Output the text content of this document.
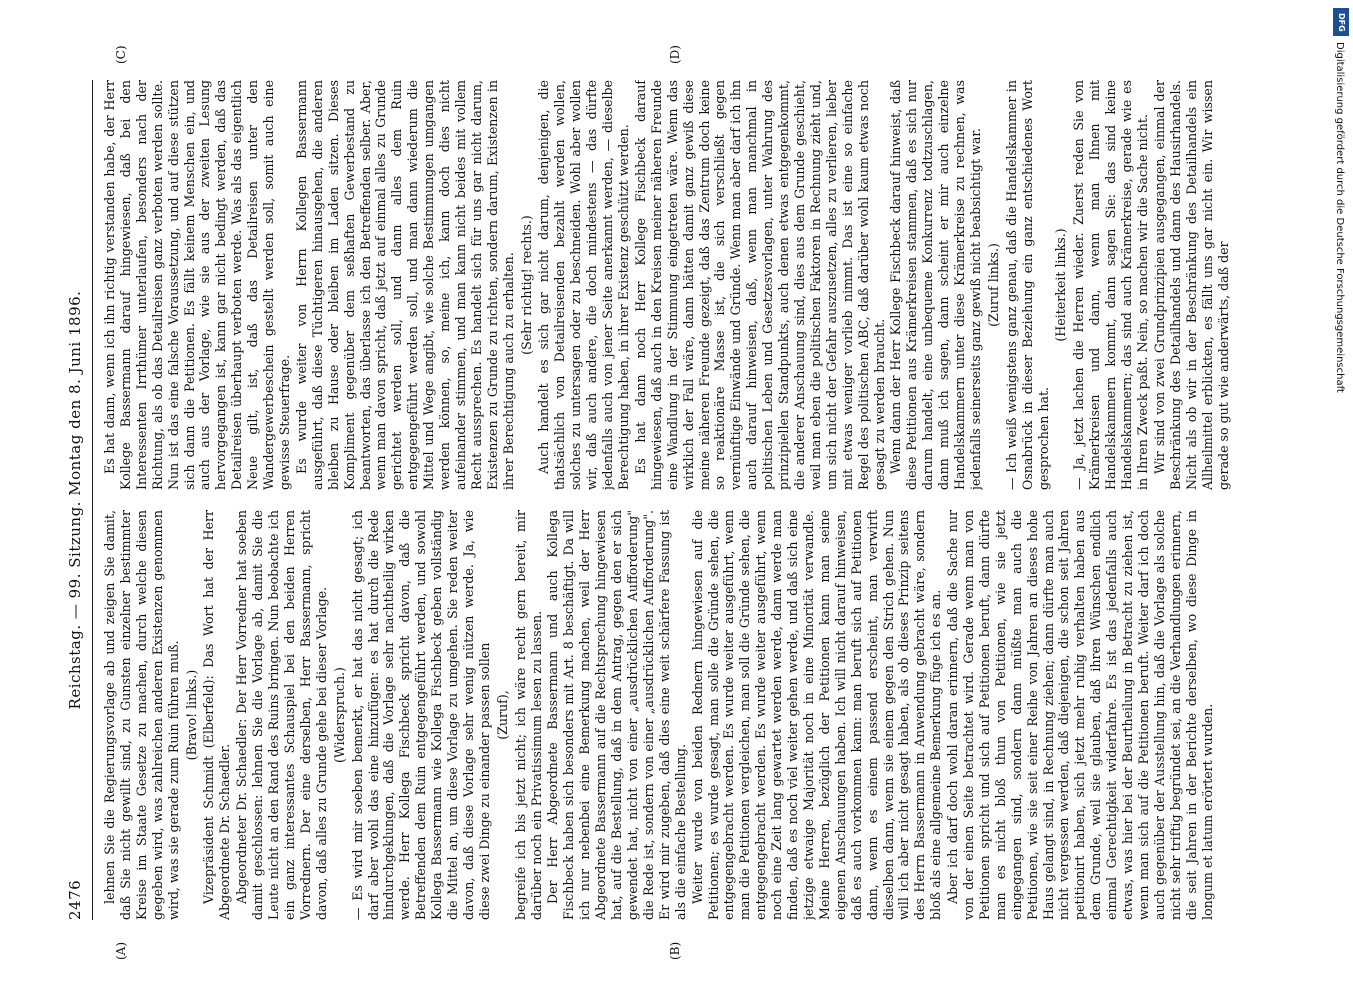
2476
Reichstag. — 99. Sitzung. Montag den 8. Juni 1896.
(A)	(B)
(C)	(D)

lehnen Sie die Regierungsvorlage ab und zeigen Sie damit, daß Sie nicht gewillt sind, zu Gunsten einzelner bestimmter Kreise im Staate Gesetze zu machen, durch welche diesen gegeben wird, was zahlreichen anderen Existenzen genommen wird, was sie gerade zum Ruin führen muß. (Bravo! links.) Vizepräsident Schmidt (Elberfeld): Das Wort hat der Herr Abgeordnete Dr. Schaedler. Abgeordneter Dr. Schaedler: Der Herr Vorredner hat soeben damit geschlossen: lehnen Sie die Vorlage ab, damit Sie die Leute nicht an den Rand des Ruins bringen. Nun beobachte ich ein ganz interessantes Schauspiel bei den beiden Herren Vorrednern. Der eine derselben, Herr Bassermann, spricht davon, daß alles zu Grunde gehe bei dieser Vorlage. (Widerspruch.) — Es wird mir soeben bemerkt, er hat das nicht gesagt; ich darf aber wohl das eine hinzufügen: es hat durch die Rede hindurchgeklungen, daß die Vorlage sehr nachtheilig wirken werde. Herr Kollega Fischbeck spricht davon, daß die Betreffenden dem Ruin entgegengeführt werden, und sowohl Kollega Bassermann wie Kollega Fischbeck geben vollständig die Mittel an, um diese Vorlage zu umgehen. Sie reden weiter davon, daß diese Vorlage sehr wenig nützen werde. Ja, wie diese zwei Dinge zu einander passen sollen (Zuruf), begreife ich bis jetzt nicht; ich wäre recht gern bereit, mir darüber noch ein Privatissimum lesen zu lassen. Der Herr Abgeordnete Bassermann und auch Kollega Fischbeck haben sich besonders mit Art. 8 beschäftigt. Da will ich nur nebenbei eine Bemerkung machen, weil der Herr Abgeordnete Bassermann auf die Rechtsprechung hingewiesen hat, auf die Bestellung, daß in dem Antrag, gegen den er sich gewendet hat, nicht von einer „ausdrücklichen Aufforderung" die Rede ist, sondern von einer „ausdrücklichen Aufforderung". Er wird mir zugeben, daß dies eine weit schärfere Fassung ist als die einfache Bestellung. Weiter wurde von beiden Rednern hingewiesen auf die Petitionen; es wurde gesagt, man solle die Gründe sehen, die entgegengebracht werden. Es wurde weiter ausgeführt, wenn man die Petitionen vergleichen, man soll die Gründe sehen, die entgegengebracht werden. Es wurde weiter ausgeführt, wenn noch eine Zeit lang gewartet werden werde, dann werde man finden, daß es noch viel weiter gehen werde, und daß sich eine jetzige etwaige Majorität noch in eine Minorität verwandle. Meine Herren, bezüglich der Petitionen kann man seine eigenen Anschauungen haben. Ich will nicht darauf hinweisen, daß es auch vorkommen kann: man beruft sich auf Petitionen dann, wenn es einem passend erscheint, man verwirft dieselben dann, wenn sie einem gegen den Strich gehen. Nun will ich aber nicht gesagt haben, als ob dieses Prinzip seitens des Herrn Bassermann in Anwendung gebracht wäre, sondern bloß als eine allgemeine Bemerkung füge ich es an. Aber ich darf doch wohl daran erinnern, daß die Sache nur von der einen Seite betrachtet wird. Gerade wenn man von Petitionen spricht und sich auf Petitionen beruft, dann dürfte man es nicht bloß thun von Petitionen, wie sie jetzt eingegangen sind, sondern dann müßte man auch die Petitionen, wie sie seit einer Reihe von Jahren an dieses hohe Haus gelangt sind, in Rechnung ziehen; dann dürfte man auch nicht vergessen werden, daß diejenigen, die schon seit Jahren petitionirt haben, sich jetzt mehr ruhig verhalten haben aus dem Grunde, weil sie glauben, daß ihren Wünschen endlich einmal Gerechtigkeit widerfahre. Es ist das jedenfalls auch etwas, was hier bei der Beurtheilung in Betracht zu ziehen ist, wenn man sich auf die Petitionen beruft. Weiter darf ich doch auch gegenüber der Ausstellung hin, daß die Vorlage als solche nicht sehr triftig begründet sei, an die Verhandlungen erinnern, die seit Jahren in der Berichte derselben, wo diese Dinge in longum et latum erörtert wurden.

Es hat dann, wenn ich ihn richtig verstanden habe, der Herr Kollege Bassermann darauf hingewiesen, daß bei den Interessenten Irrthümer unterlaufen, besonders nach der Richtung, als ob das Detailreisen ganz verboten werden sollte. Nun ist das eine falsche Voraussetzung, und auf diese stützen sich dann die Petitionen. Es fällt keinem Menschen ein, und auch aus der Vorlage, wie sie aus der zweiten Lesung hervorgegangen ist, kann gar nicht bedingt werden, daß das Detailreisen überhaupt verboten werde. Was als das eigentlich Neue gilt, ist, daß das Detailreisen unter den Wandergewerbeschein gestellt werden soll, somit auch eine gewisse Steuerfrage. Es wurde weiter von Herrn Kollegen Bassermann ausgeführt, daß diese Tüchtigeren hinausgehen, die anderen bleiben zu Hause oder bleiben im Laden sitzen. Dieses Kompliment gegenüber dem seßhaften Gewerbestand zu beantworten, das überlasse ich den Betreffenden selber. Aber, wenn man davon spricht, daß jetzt auf einmal alles zu Grunde gerichtet werden soll, und dann alles dem Ruin entgegengeführt werden soll, und man dann wiederum die Mittel und Wege angibt, wie solche Bestimmungen umgangen werden können, so, meine ich, kann doch dies nicht aufeinander stimmen, und man kann nicht beides mit vollem Recht aussprechen. Es handelt sich für uns gar nicht darum, Existenzen zu Grunde zu richten, sondern darum, Existenzen in ihrer Berechtigung auch zu erhalten. (Sehr richtig! rechts.) Auch handelt es sich gar nicht darum, denjenigen, die thatsächlich von Detailreisenden bezahlt werden wollen, solches zu untersagen oder zu beschneiden. Wohl aber wollen wir, daß auch andere, die doch mindestens — das dürfte jedenfalls auch von jener Seite anerkannt werden, — dieselbe Berechtigung haben, in ihrer Existenz geschützt werden. Es hat dann noch Herr Kollege Fischbeck darauf hingewiesen, daß auch in den Kreisen meiner näheren Freunde eine Wandlung in der Stimmung eingetreten wäre. Wenn das wirklich der Fall wäre, dann hätten damit ganz gewiß diese meine näheren Freunde gezeigt, daß das Zentrum doch keine so reaktionäre Masse ist, die sich verschließt gegen vernünftige Einwände und Gründe. Wenn man aber darf ich ihn auch darauf hinweisen, daß, wenn man manchmal in politischen Leben und Gesetzesvorlagen, unter Wahrung des prinzipiellen Standpunkts, auch denen etwas entgegenkommt, die anderer Anschauung sind, dies aus dem Grunde geschieht, weil man eben die politischen Faktoren in Rechnung zieht und, um sich nicht der Gefahr auszusetzen, alles zu verlieren, lieber mit etwas weniger vorlieb nimmt. Das ist eine so einfache Regel des politischen ABC, daß darüber wohl kaum etwas noch gesagt zu werden braucht. Wenn dann der Herr Kollege Fischbeck darauf hinweist, daß diese Petitionen aus Krämerkreisen stammen, daß es sich nur darum handelt, eine unbequeme Konkurrenz todtzuschlagen, dann muß ich sagen, dann scheint er mir auch einzelne Handelskammern unter diese Krämerkreise zu rechnen, was jedenfalls seinerseits ganz gewiß nicht beabsichtigt war. (Zuruf links.) — Ich weiß wenigstens ganz genau, daß die Handelskammer in Osnabrück in dieser Beziehung ein ganz entschiedenes Wort gesprochen hat.

(Heiterkeit links.) — Ja, jetzt lachen die Herren wieder. Zuerst reden Sie von Krämerkreisen und dann, wenn man Ihnen mit Handelskammern kommt, dann sagen Sie: das sind keine Handelskammern; das sind auch Krämerkreise, gerade wie es in Ihren Zweck paßt. Nein, so machen wir die Sache nicht. Wir sind von zwei Grundprinzipien ausgegangen, einmal der Beschränkung des Detailhandels und dann des Hausirhandels. Nicht als ob wir in der Beschränkung des Detailhandels ein Allheilmittel erblickten, es fällt uns gar nicht ein. Wir wissen gerade so gut wie anderwärts, daß der

DFG
Digitalisierung gefördert durch die Deutsche Forschungsgemeinschaft
